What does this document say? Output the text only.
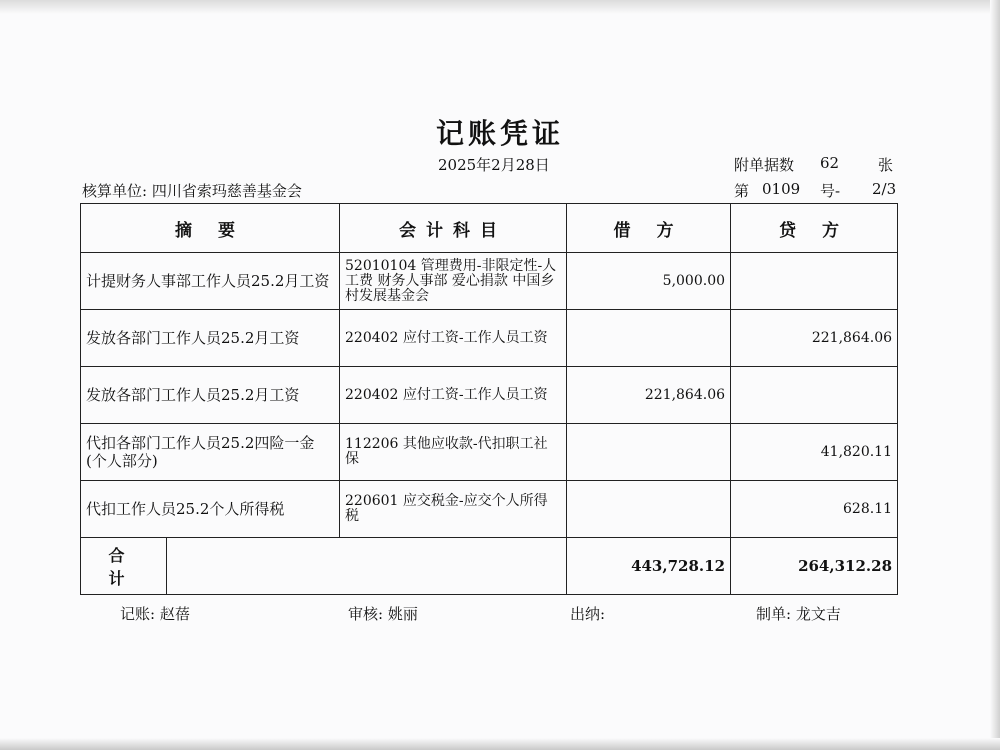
记账凭证
2025年2月28日	附单据数 62	张
核算单位: 四川省索玛慈善基金会	第 0109 号- 2/3
摘 要		会计科目	借 方	贷 方
计提财务人事部工作人员25.2月工资		52010104 管理费用-非限定性-人工费 财务人事部 爱心捐款 中国乡村发展基金会	5,000.00	
发放各部门工作人员25.2月工资		220402 应付工资-工作人员工资		221,864.06
发放各部门工作人员25.2月工资		220402 应付工资-工作人员工资	221,864.06	
代扣各部门工作人员25.2四险一金(个人部分)		112206 其他应收款-代扣职工社保		41,820.11
代扣工作人员25.2个人所得税		220601 应交税金-应交个人所得税		628.11
合 计			443,728.12	264,312.28
记账: 赵蓓	审核: 姚丽	出纳:	制单: 龙文吉
